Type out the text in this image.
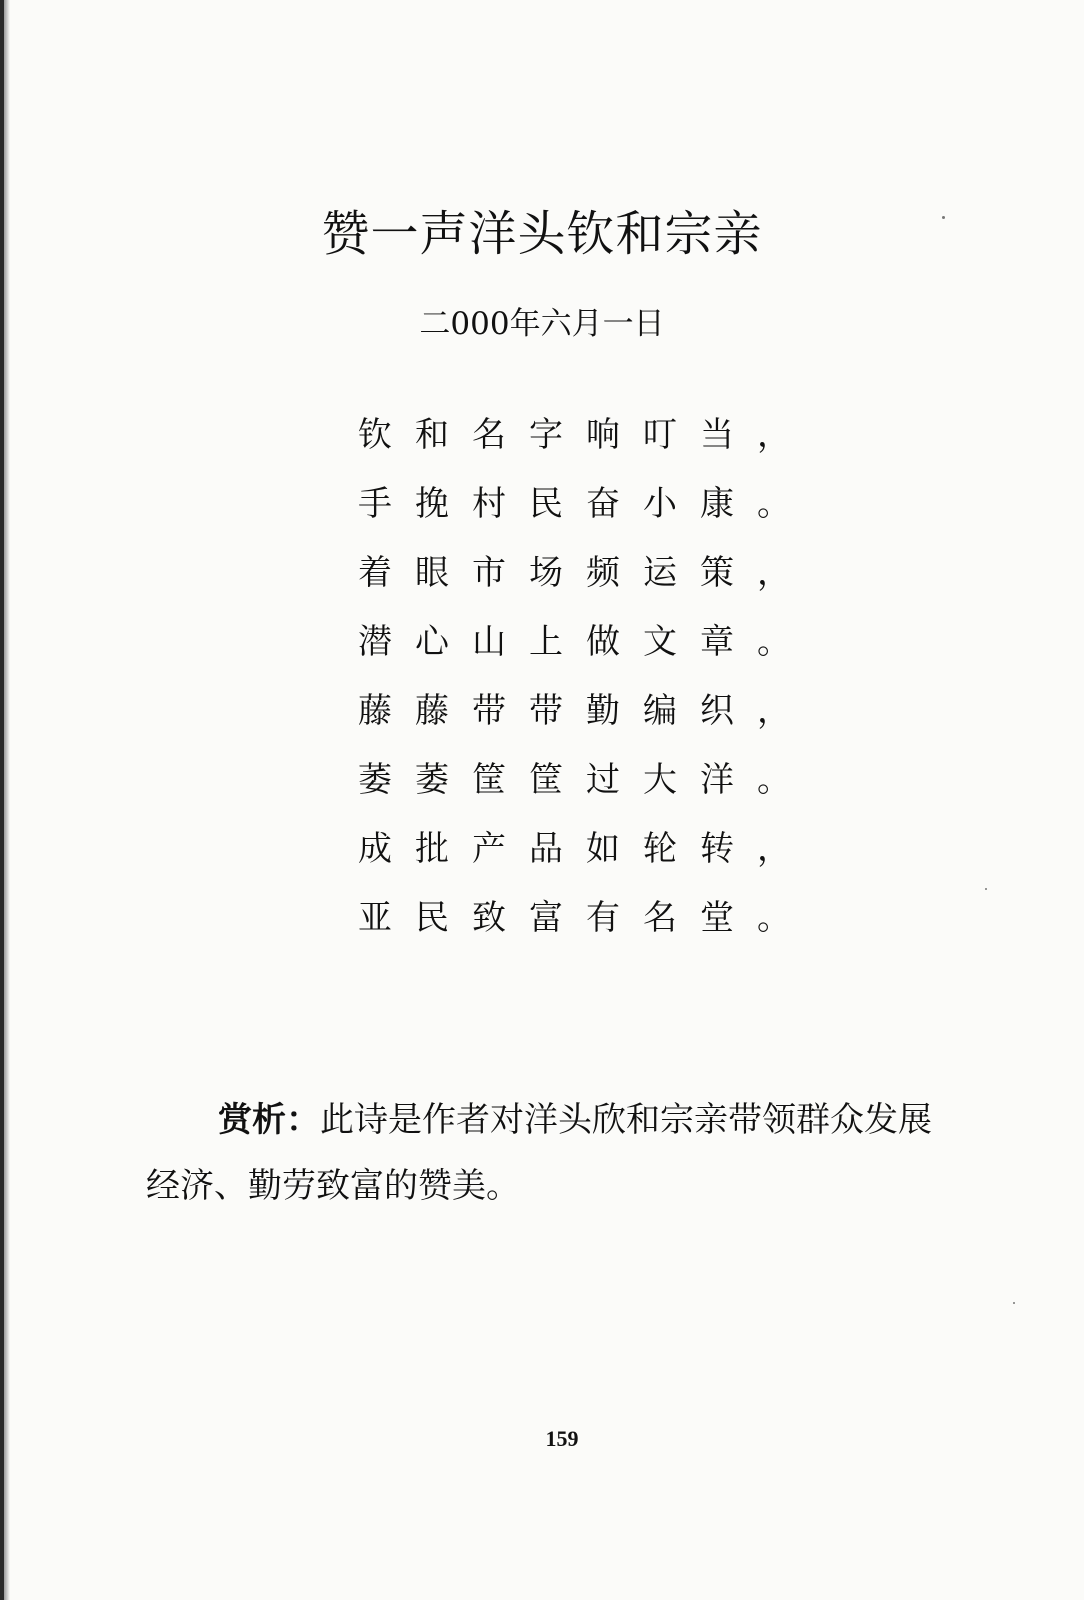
赞一声洋头钦和宗亲
二000年六月一日
钦和名字响叮当，
手挽村民奋小康。
着眼市场频运策，
潜心山上做文章。
藤藤带带勤编织，
萎萎筐筐过大洋。
成批产品如轮转，
亚民致富有名堂。
赏析：此诗是作者对洋头欣和宗亲带领群众发展经济、勤劳致富的赞美。
159
